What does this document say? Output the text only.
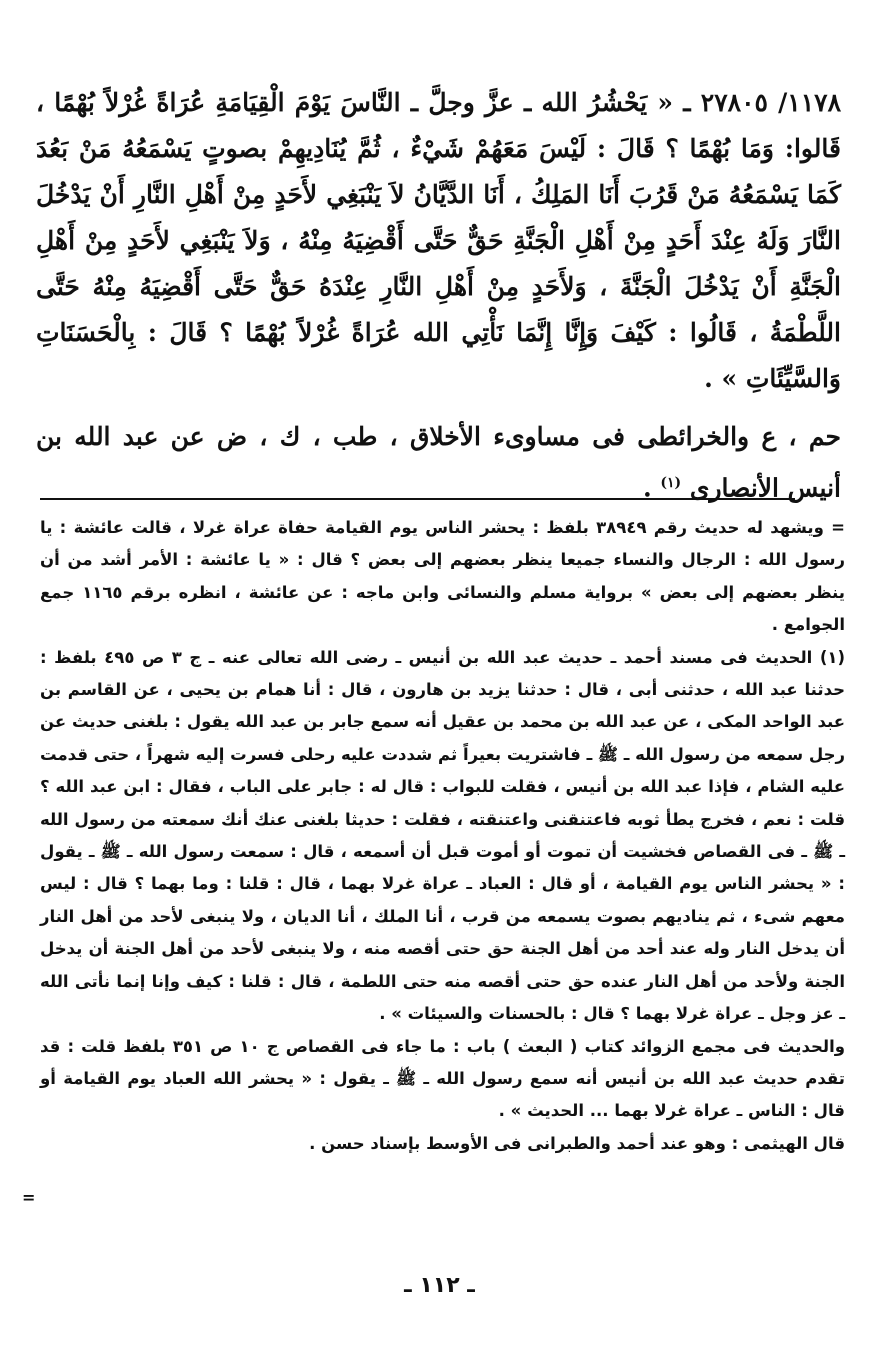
١١٧٨/ ٢٧٨٠٥ ـ « يَحْشُرُ الله ـ عزَّ وجلَّ ـ النَّاسَ يَوْمَ الْقِيَامَةِ عُرَاةً غُرْلاً بُهْمًا ، قَالوا: وَمَا بُهْمًا ؟ قَالَ : لَيْسَ مَعَهُمْ شَيْءٌ ، ثُمَّ يُنَادِيهِمْ بصوتٍ يَسْمَعُهُ مَنْ بَعُدَ كَمَا يَسْمَعُهُ مَنْ قَرُبَ أَنَا المَلِكُ ، أَنَا الدَّيَّانُ لاَ يَنْبَغِي لأَحَدٍ مِنْ أَهْلِ النَّارِ أَنْ يَدْخُلَ النَّارَ وَلَهُ عِنْدَ أَحَدٍ مِنْ أَهْلِ الْجَنَّةِ حَقٌّ حَتَّى أَقْضِيَهُ مِنْهُ ، وَلاَ يَنْبَغِي لأَحَدٍ مِنْ أَهْلِ الْجَنَّةِ أَنْ يَدْخُلَ الْجَنَّةَ ، وَلأَحَدٍ مِنْ أَهْلِ النَّارِ عِنْدَهُ حَقٌّ حَتَّى أَقْضِيَهُ مِنْهُ حَتَّى اللَّطْمَةُ ، قَالُوا : كَيْفَ وَإِنَّا إِنَّمَا نَأْتِي الله عُرَاةً غُرْلاً بُهْمًا ؟ قَالَ : بِالْحَسَنَاتِ وَالسَّيِّئَاتِ » .

حم ، ع والخرائطى فى مساوىء الأخلاق ، طب ، ك ، ض عن عبد الله بن أنيس الأنصارى $^{(١)}$ .

= ويشهد له حديث رقم ٣٨٩٤٩ بلفظ : يحشر الناس يوم القيامة حفاة عراة غرلا ، قالت عائشة : يا رسول الله : الرجال والنساء جميعا ينظر بعضهم إلى بعض ؟ قال : « يا عائشة : الأمر أشد من أن ينظر بعضهم إلى بعض » برواية مسلم والنسائى وابن ماجه : عن عائشة ، انظره برقم ١١٦٥ جمع الجوامع .

(١) الحديث فى مسند أحمد ـ حديث عبد الله بن أنيس ـ رضى الله تعالى عنه ـ ج ٣ ص ٤٩٥ بلفظ : حدثنا عبد الله ، حدثنى أبى ، قال : حدثنا يزيد بن هارون ، قال : أنا همام بن يحيى ، عن القاسم بن عبد الواحد المكى ، عن عبد الله بن محمد بن عقيل أنه سمع جابر بن عبد الله يقول : بلغنى حديث عن رجل سمعه من رسول الله ـ ﷺ ـ فاشتريت بعيراً ثم شددت عليه رحلى فسرت إليه شهراً ، حتى قدمت عليه الشام ، فإذا عبد الله بن أنيس ، فقلت للبواب : قال له : جابر على الباب ، فقال : ابن عبد الله ؟ قلت : نعم ، فخرج يطأ ثوبه فاعتنقنى واعتنقته ، فقلت : حديثا بلغنى عنك أنك سمعته من رسول الله ـ ﷺ ـ فى القصاص فخشيت أن تموت أو أموت قبل أن أسمعه ، قال : سمعت رسول الله ـ ﷺ ـ يقول : « يحشر الناس يوم القيامة ، أو قال : العباد ـ عراة غرلا بهما ، قال : قلنا : وما بهما ؟ قال : ليس معهم شىء ، ثم يناديهم بصوت يسمعه من قرب ، أنا الملك ، أنا الديان ، ولا ينبغى لأحد من أهل النار أن يدخل النار وله عند أحد من أهل الجنة حق حتى أقصه منه ، ولا ينبغى لأحد من أهل الجنة أن يدخل الجنة ولأحد من أهل النار عنده حق حتى أقصه منه حتى اللطمة ، قال : قلنا : كيف وإنا إنما نأتى الله ـ عز وجل ـ عراة غرلا بهما ؟ قال : بالحسنات والسيئات » .

والحديث فى مجمع الزوائد كتاب ( البعث ) باب : ما جاء فى القصاص ج ١٠ ص ٣٥١ بلفظ قلت : قد تقدم حديث عبد الله بن أنيس أنه سمع رسول الله ـ ﷺ ـ يقول : « يحشر الله العباد يوم القيامة أو قال : الناس ـ عراة غرلا بهما ... الحديث » .

قال الهيثمى : وهو عند أحمد والطبرانى فى الأوسط بإسناد حسن .

=
ـ ١١٢ ـ
